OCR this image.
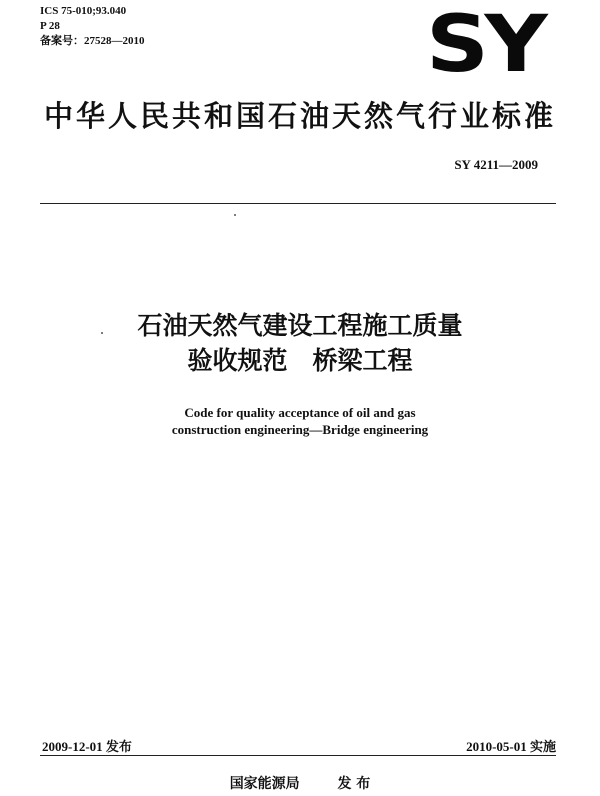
ICS 75-010;93.040
P 28
备案号：27528—2010	SY
中华人民共和国石油天然气行业标准
SY 4211—2009
石油天然气建设工程施工质量
验收规范　桥梁工程
Code for quality acceptance of oil and gas
construction engineering—Bridge engineering
2009-12-01 发布	2010-05-01 实施
国家能源局	发 布
